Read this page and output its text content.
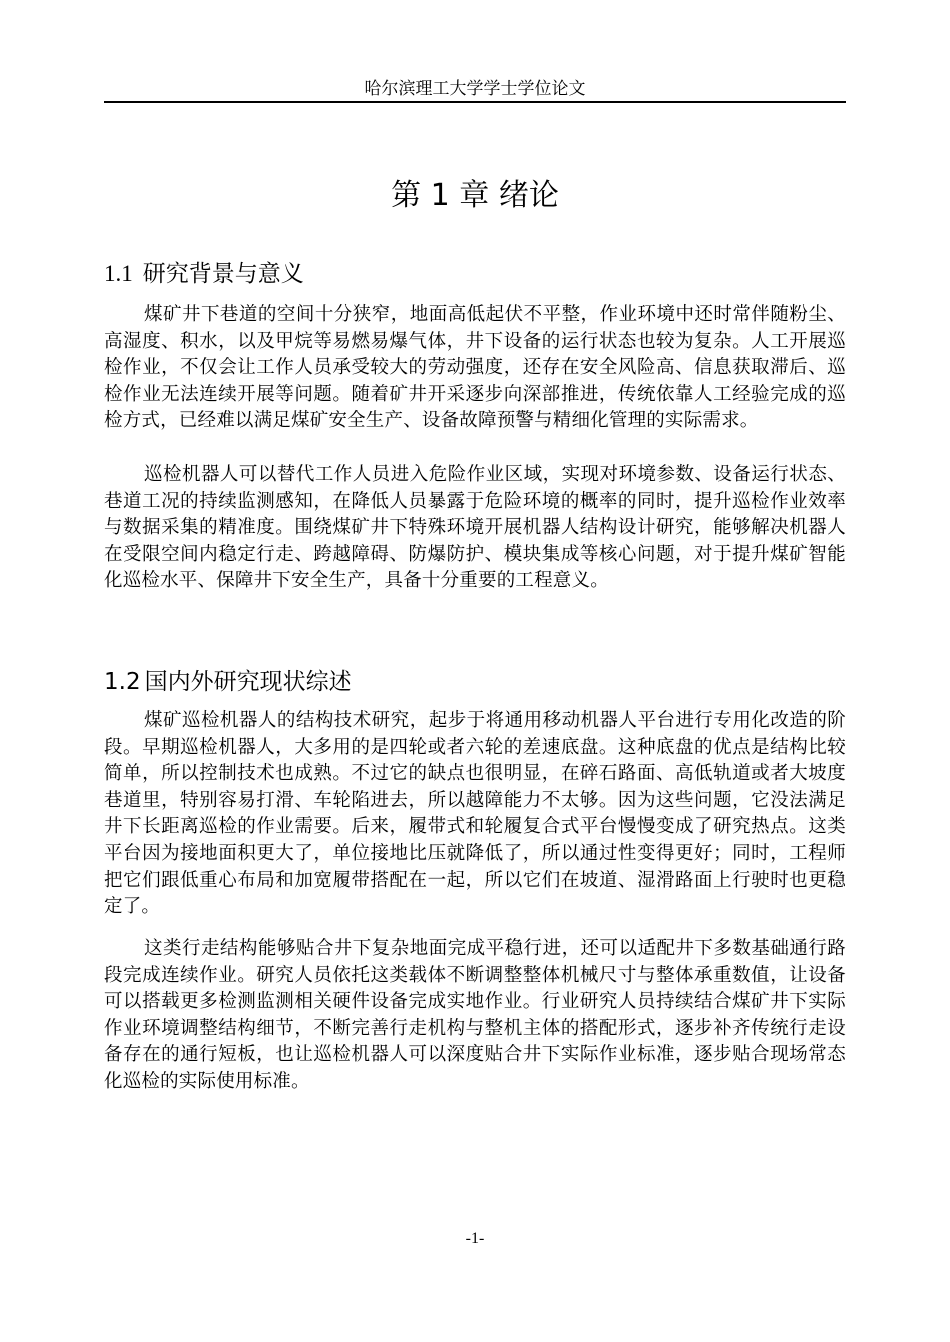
哈尔滨理工大学学士学位论文
第 1 章 绪论
1.1 研究背景与意义

煤矿井下巷道的空间十分狭窄，地面高低起伏不平整，作业环境中还时常伴随粉尘、高湿度、积水，以及甲烷等易燃易爆气体，井下设备的运行状态也较为复杂。人工开展巡检作业，不仅会让工作人员承受较大的劳动强度，还存在安全风险高、信息获取滞后、巡检作业无法连续开展等问题。随着矿井开采逐步向深部推进，传统依靠人工经验完成的巡检方式，已经难以满足煤矿安全生产、设备故障预警与精细化管理的实际需求。

巡检机器人可以替代工作人员进入危险作业区域，实现对环境参数、设备运行状态、巷道工况的持续监测感知，在降低人员暴露于危险环境的概率的同时，提升巡检作业效率与数据采集的精准度。围绕煤矿井下特殊环境开展机器人结构设计研究，能够解决机器人在受限空间内稳定行走、跨越障碍、防爆防护、模块集成等核心问题，对于提升煤矿智能化巡检水平、保障井下安全生产，具备十分重要的工程意义。

1.2 国内外研究现状综述

煤矿巡检机器人的结构技术研究，起步于将通用移动机器人平台进行专用化改造的阶段。早期巡检机器人，大多用的是四轮或者六轮的差速底盘。这种底盘的优点是结构比较简单，所以控制技术也成熟。不过它的缺点也很明显，在碎石路面、高低轨道或者大坡度巷道里，特别容易打滑、车轮陷进去，所以越障能力不太够。因为这些问题，它没法满足井下长距离巡检的作业需要。后来，履带式和轮履复合式平台慢慢变成了研究热点。这类平台因为接地面积更大了，单位接地比压就降低了，所以通过性变得更好；同时，工程师把它们跟低重心布局和加宽履带搭配在一起，所以它们在坡道、湿滑路面上行驶时也更稳定了。

这类行走结构能够贴合井下复杂地面完成平稳行进，还可以适配井下多数基础通行路段完成连续作业。研究人员依托这类载体不断调整整体机械尺寸与整体承重数值，让设备可以搭载更多检测监测相关硬件设备完成实地作业。行业研究人员持续结合煤矿井下实际作业环境调整结构细节，不断完善行走机构与整机主体的搭配形式，逐步补齐传统行走设备存在的通行短板，也让巡检机器人可以深度贴合井下实际作业标准，逐步贴合现场常态化巡检的实际使用标准。

-1-
